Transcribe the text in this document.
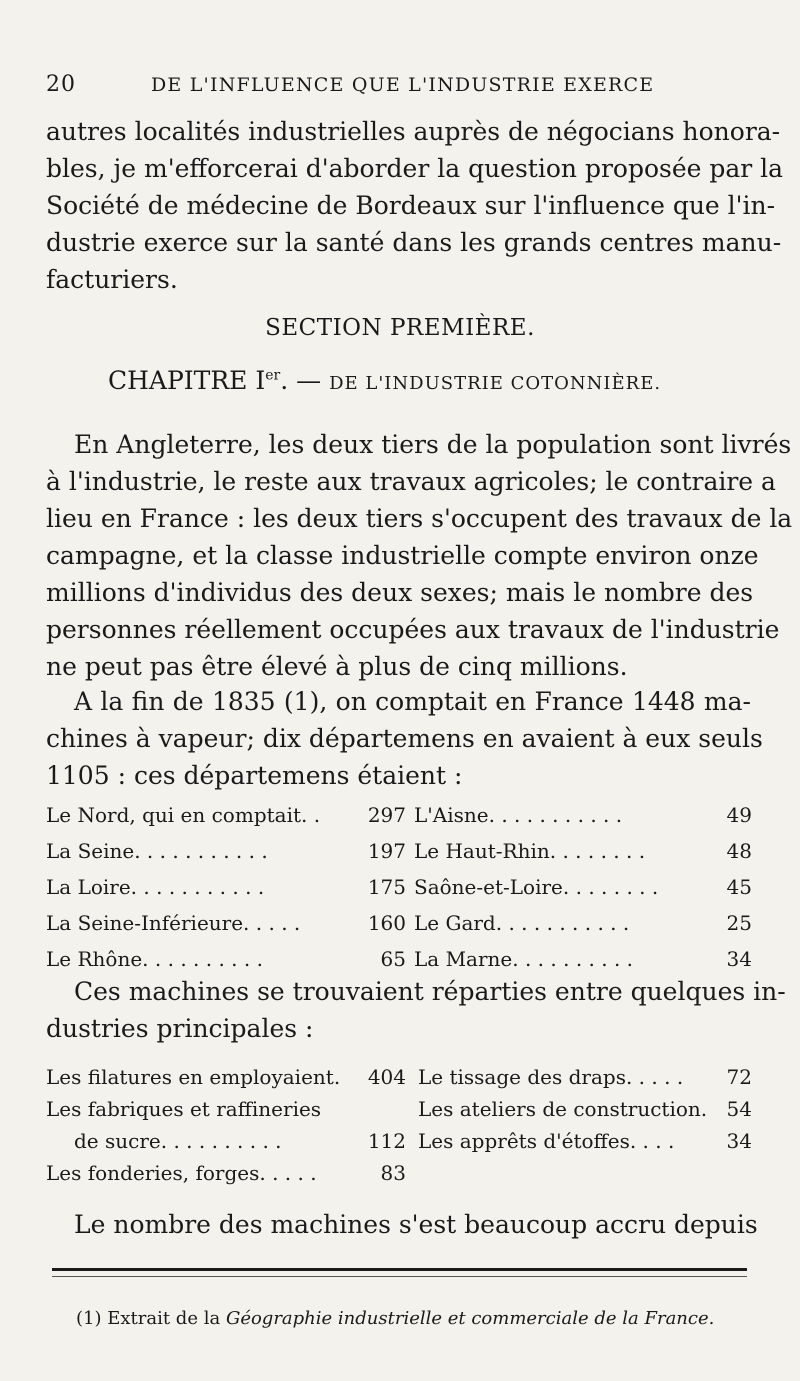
20	DE L'INFLUENCE QUE L'INDUSTRIE EXERCE
autres localités industrielles auprès de négocians honora-
bles, je m'efforcerai d'aborder la question proposée par la
Société de médecine de Bordeaux sur l'influence que l'in-
dustrie exerce sur la santé dans les grands centres manu-
facturiers.
SECTION PREMIÈRE.
CHAPITRE Ier. — DE L'INDUSTRIE COTONNIÈRE.
En Angleterre, les deux tiers de la population sont livrés
à l'industrie, le reste aux travaux agricoles; le contraire a
lieu en France : les deux tiers s'occupent des travaux de la
campagne, et la classe industrielle compte environ onze
millions d'individus des deux sexes; mais le nombre des
personnes réellement occupées aux travaux de l'industrie
ne peut pas être élevé à plus de cinq millions.
A la fin de 1835 (1), on comptait en France 1448 ma-
chines à vapeur; dix départemens en avaient à eux seuls
1105 : ces départemens étaient :
Le Nord, qui en comptait. .	297 L'Aisne. . . . . . . . . . .	49
La Seine. . . . . . . . . . .	197 Le Haut-Rhin. . . . . . . .	48
La Loire. . . . . . . . . . .	175 Saône-et-Loire. . . . . . . .	45
La Seine-Inférieure. . . . .	160 Le Gard. . . . . . . . . . .	25
Le Rhône. . . . . . . . . .	65 La Marne. . . . . . . . . .	34
Ces machines se trouvaient réparties entre quelques in-
dustries principales :
Les filatures en employaient.	404 Le tissage des draps. . . . . 72
Les fabriques et raffineries	Les ateliers de construction. 54
de sucre. . . . . . . . . .	112 Les apprêts d'étoffes. . . .	34
Les fonderies, forges. . . . .	83
Le nombre des machines s'est beaucoup accru depuis
(1) Extrait de la Géographie industrielle et commerciale de la France.
